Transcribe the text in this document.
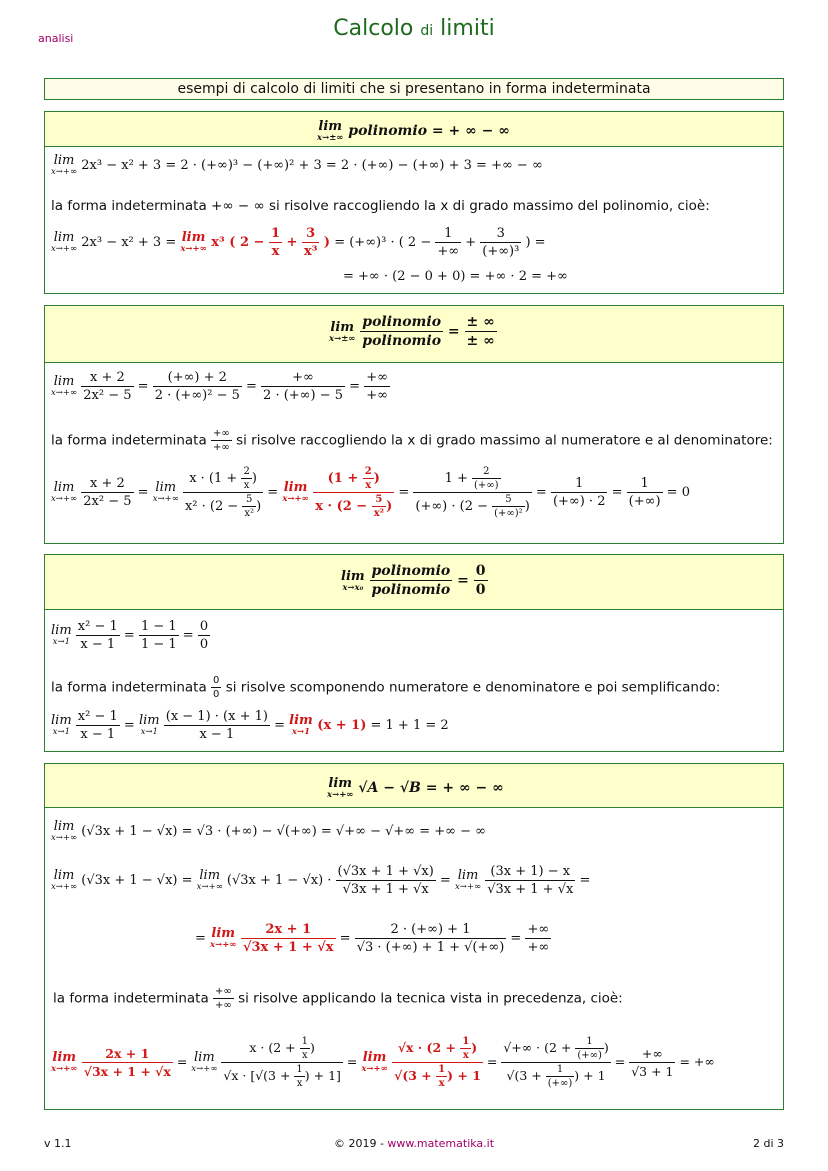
analisi	Calcolo di limiti
esempi di calcolo di limiti che si presentano in forma indeterminata
lim
x→±∞ polinomio = + ∞ − ∞
lim
x→+∞ 2x³ − x² + 3 = 2 · (+∞)³ − (+∞)² + 3 = 2 · (+∞) − (+∞) + 3 = +∞ − ∞
la forma indeterminata +∞ − ∞ si risolve raccogliendo la x di grado massimo del polinomio, cioè:
lim
x→+∞ 2x³ − x² + 3 = lim
x→+∞ x³ ( $2 - \frac{1}{x} + \frac{3}{\text{x³}}$ ) = (+∞)³ · ( 2 −
1
+∞
+
3
(+∞)³
) =
= +∞ · (2 − 0 + 0) = +∞ · 2 = +∞
lim
x→±∞

polinomio
polinomio
=
± ∞
± ∞
lim
x→+∞
$\frac{x + 2}{\text{2x² − 5}} = \frac{(+\infty) + 2}{\text{2 · (+∞)² − 5}}$ =
+∞
2 · (+∞) − 5
=
+∞
+∞
la forma indeterminata +∞
+∞ si risolve raccogliendo la x di grado massimo al numeratore e al denominatore:
lim
x→+∞
$\frac{x + 2}{\text{2x² − 5}} = \lim$
x→+∞
$\frac{x \cdot (1 + \frac{2}{x} )}{x^2 \cdot (2 - \frac{5}{\text{x²}} )} = \lim$
x→+∞
$\frac{(1 + \frac{2}{x} )}{x \cdot (2 - \frac{5}{\text{x²}} )} = 1$ +	2
(+∞)
(+∞) · (2 −	5
(+∞)² ) = $\frac{1}{(+\infty) \cdot 2}$ =
1
(+∞)
= 0
lim
x→x₀

polinomio
polinomio
= $\frac{0}{0}$
lim
x→1
$\frac{\text{x² − 1}}{x - 1} = \frac{1 - 1}{1 - 1} = \frac{0}{0}$
la forma indeterminata $\frac{0}{0}$ si risolve scomponendo numeratore e denominatore e poi semplificando:
lim
x→1
$\frac{\text{x² − 1}}{x - 1} = \lim$
x→1
$\frac{(x - 1) \cdot (x + 1)}{x - 1} = \lim$
x→1 (x + 1) = 1 + 1 = 2
lim
x→+∞ √A − √B = + ∞ − ∞
lim
x→+∞ (√3x + 1 − √x) = √3 · (+∞) − √(+∞) = √+∞ − √+∞ = +∞ − ∞
lim
x→+∞ (√3x + 1 − √x) = lim
x→+∞ $(√3x + 1 - √x) \cdot \frac{(√3x + 1 + √x)}{√3x + 1 + √x} = \lim$
x→+∞
$\frac{(3x + 1) - x}{√3x + 1 + √x}$ =
= lim
x→+∞
$\frac{2x + 1}{√3x + 1 + √x} = \frac{2 \cdot (+\infty) + 1}{√3 \cdot (+\infty) + 1 + √(+\infty)}$ =
+∞
+∞
la forma indeterminata +∞
+∞ si risolve applicando la tecnica vista in precedenza, cioè:
lim
x→+∞
$\frac{2x + 1}{√3x + 1 + √x} = \lim$
x→+∞
$\frac{x \cdot (2 + \frac{1}{x} )}{√x \cdot [√(3 + \frac{1}{x} ) + 1]} = \lim$
x→+∞
$\frac{√x \cdot (2 + \frac{1}{x} )}{√(3 + \frac{1}{x} ) + 1}$ = √+∞ · (2 +	1
(+∞)
)
√(3 +	1
(+∞)
) + 1 =
+∞
√3 + 1
= +∞
v 1.1	© 2019 - www.matematika.it	2 di 3
